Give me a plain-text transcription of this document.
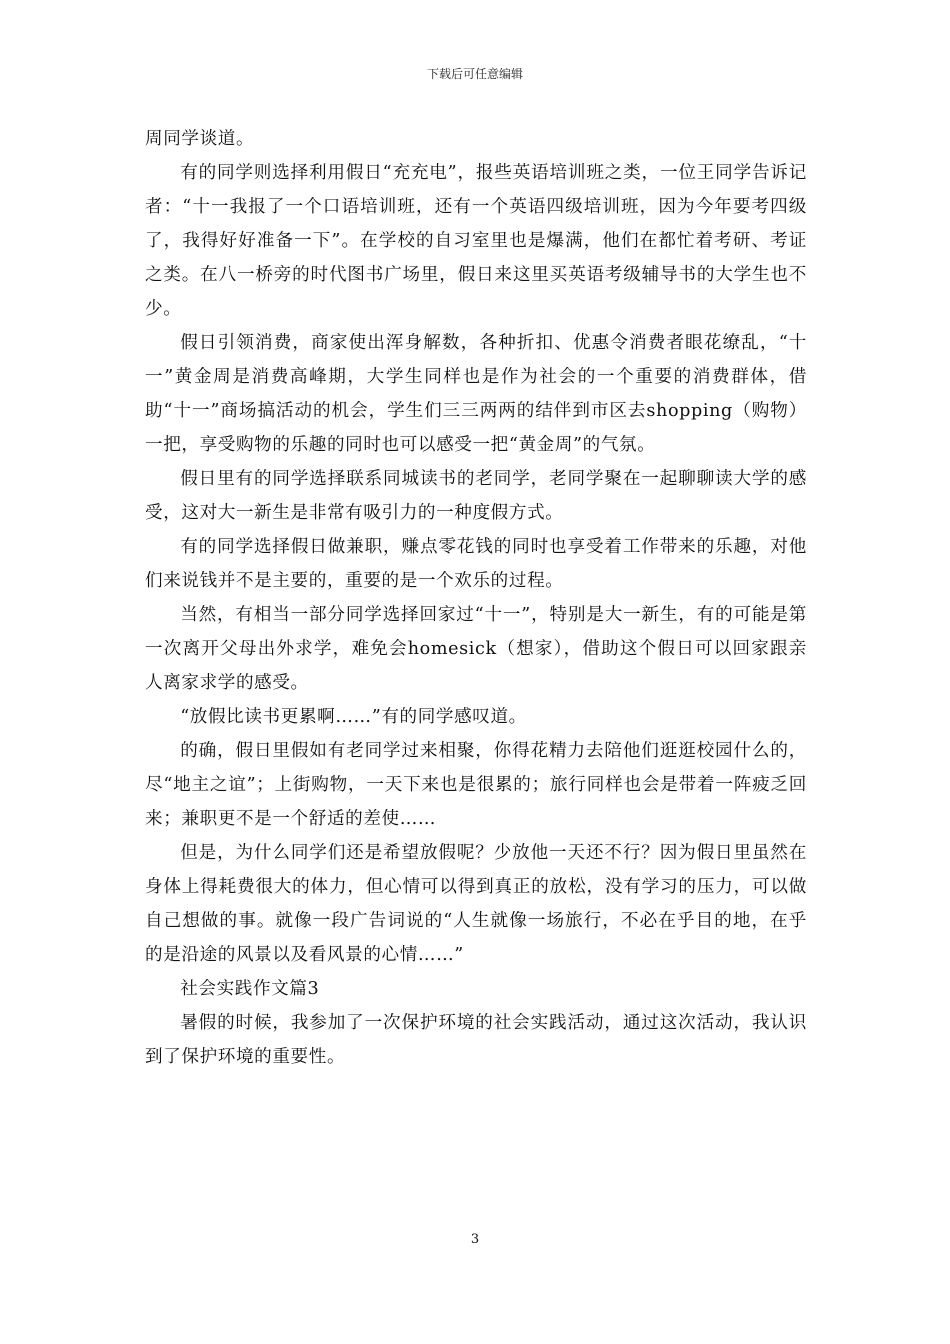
下载后可任意编辑

周同学谈道。

有的同学则选择利用假日“充充电”，报些英语培训班之类，一位王同学告诉记者：“十一我报了一个口语培训班，还有一个英语四级培训班，因为今年要考四级了，我得好好准备一下”。在学校的自习室里也是爆满，他们在都忙着考研、考证之类。在八一桥旁的时代图书广场里，假日来这里买英语考级辅导书的大学生也不少。

假日引领消费，商家使出浑身解数，各种折扣、优惠令消费者眼花缭乱，“十一”黄金周是消费高峰期，大学生同样也是作为社会的一个重要的消费群体，借助“十一”商场搞活动的机会，学生们三三两两的结伴到市区去shopping（购物）一把，享受购物的乐趣的同时也可以感受一把“黄金周”的气氛。

假日里有的同学选择联系同城读书的老同学，老同学聚在一起聊聊读大学的感受，这对大一新生是非常有吸引力的一种度假方式。

有的同学选择假日做兼职，赚点零花钱的同时也享受着工作带来的乐趣，对他们来说钱并不是主要的，重要的是一个欢乐的过程。

当然，有相当一部分同学选择回家过“十一”，特别是大一新生，有的可能是第一次离开父母出外求学，难免会homesick（想家），借助这个假日可以回家跟亲人离家求学的感受。

“放假比读书更累啊……”有的同学感叹道。

的确，假日里假如有老同学过来相聚，你得花精力去陪他们逛逛校园什么的，尽“地主之谊”；上街购物，一天下来也是很累的；旅行同样也会是带着一阵疲乏回来；兼职更不是一个舒适的差使……

但是，为什么同学们还是希望放假呢？少放他一天还不行？因为假日里虽然在身体上得耗费很大的体力，但心情可以得到真正的放松，没有学习的压力，可以做自己想做的事。就像一段广告词说的“人生就像一场旅行，不必在乎目的地，在乎的是沿途的风景以及看风景的心情……”

社会实践作文篇3

暑假的时候，我参加了一次保护环境的社会实践活动，通过这次活动，我认识到了保护环境的重要性。

3
